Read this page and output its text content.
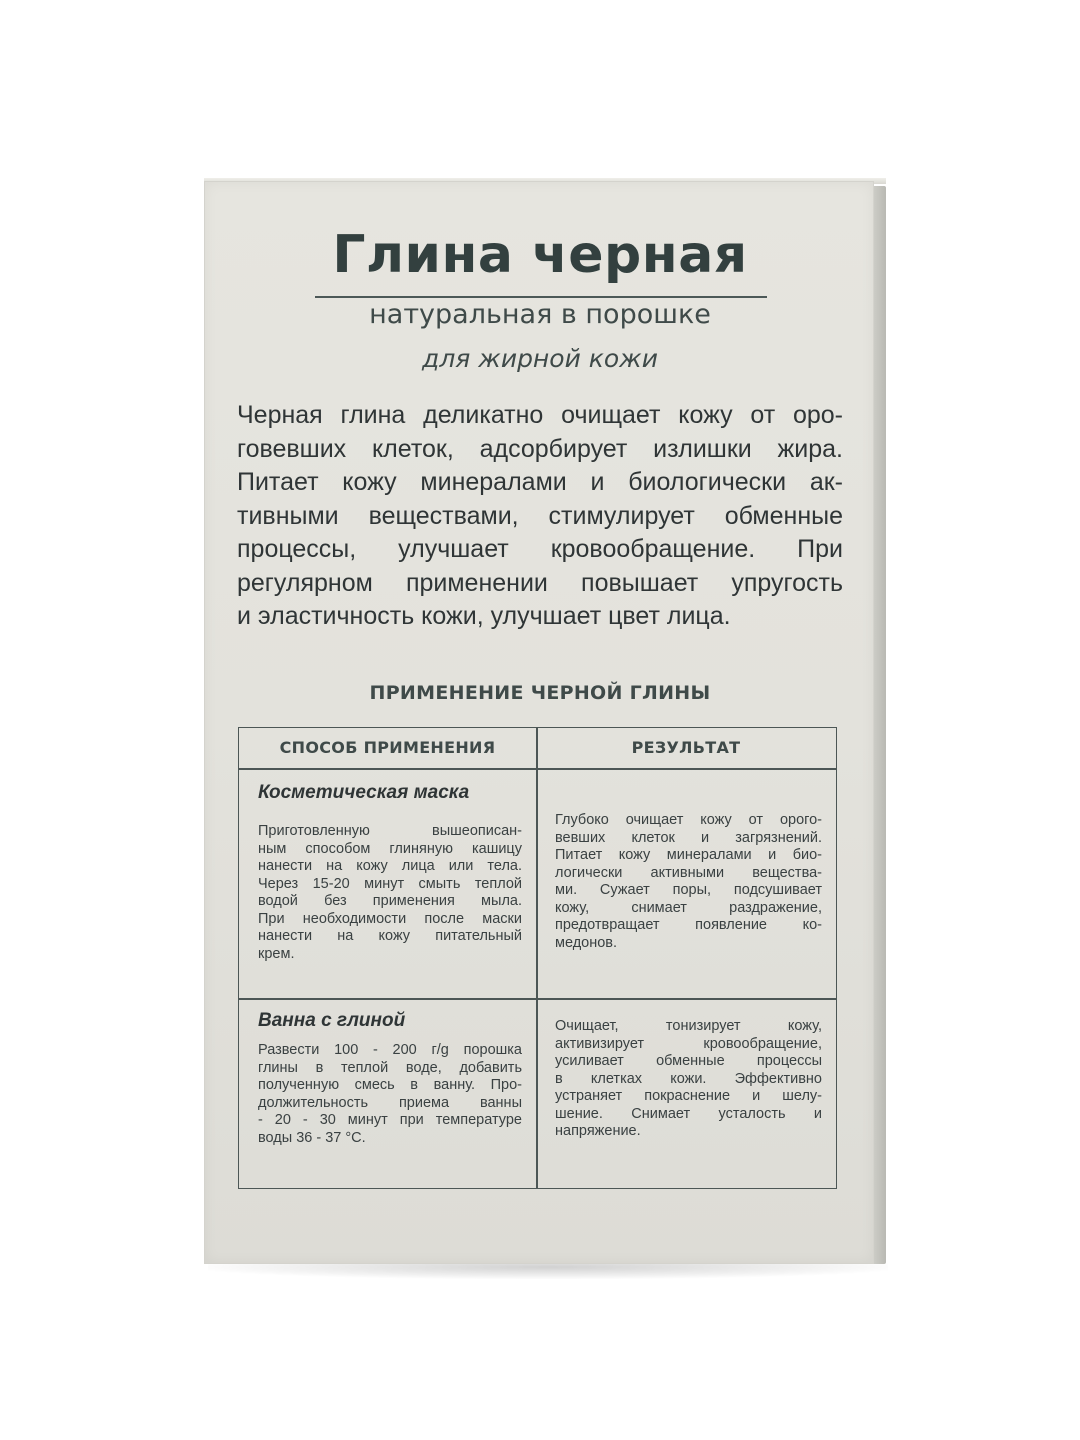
Глина черная
натуральная в порошке
для жирной кожи
Черная глина деликатно очищает кожу от оро-
говевших клеток, адсорбирует излишки жира.
Питает кожу минералами и биологически ак-
тивными веществами, стимулирует обменные
процессы, улучшает кровообращение. При
регулярном применении повышает упругость
и эластичность кожи, улучшает цвет лица.
ПРИМЕНЕНИЕ ЧЕРНОЙ ГЛИНЫ
СПОСОБ ПРИМЕНЕНИЯ	РЕЗУЛЬТАТ
Косметическая маска
Приготовленную вышеописан-
ным способом глиняную кашицу
нанести на кожу лица или тела.
Через 15-20 минут смыть теплой
водой без применения мыла.
При необходимости после маски
нанести на кожу питательный
крем.
Глубоко очищает кожу от орого-
вевших клеток и загрязнений.
Питает кожу минералами и био-
логически активными вещества-
ми. Сужает поры, подсушивает
кожу, снимает раздражение,
предотвращает появление ко-
медонов.
Ванна с глиной
Развести 100 - 200 г/g порошка
глины в теплой воде, добавить
полученную смесь в ванну. Про-
должительность приема ванны
- 20 - 30 минут при температуре
воды 36 - 37 °C.
Очищает, тонизирует кожу,
активизирует кровообращение,
усиливает обменные процессы
в клетках кожи. Эффективно
устраняет покраснение и шелу-
шение. Снимает усталость и
напряжение.
